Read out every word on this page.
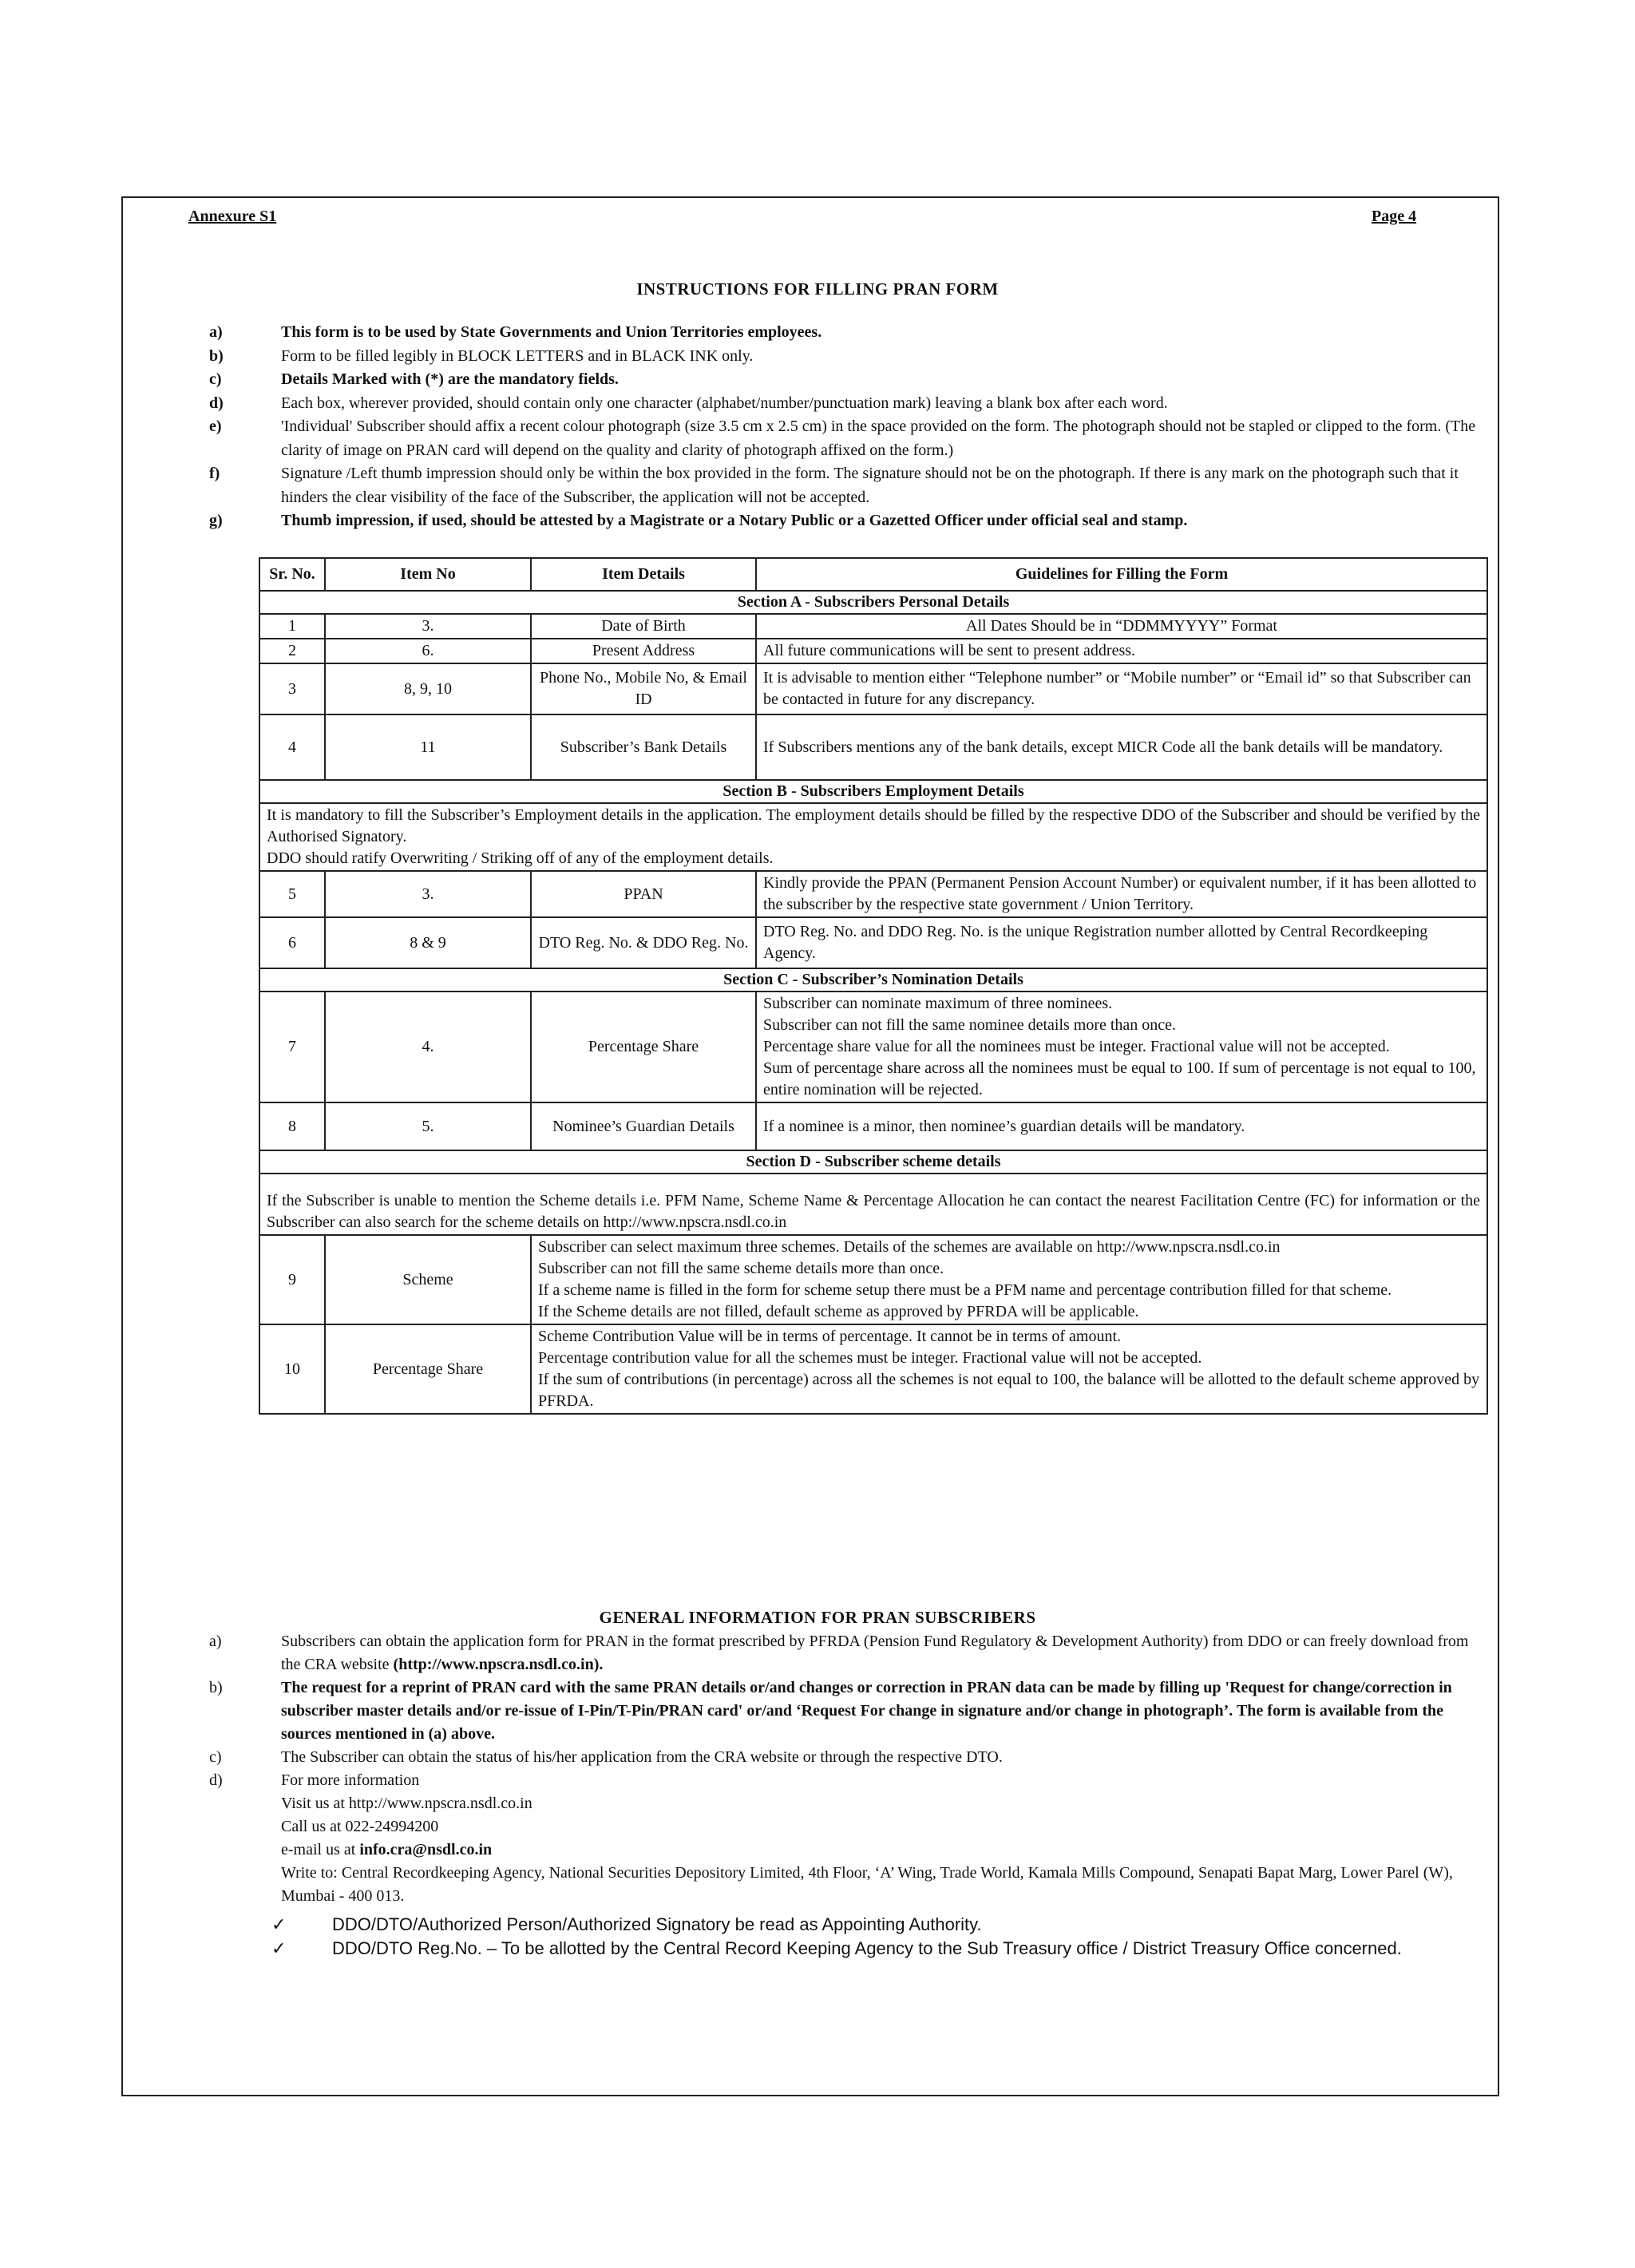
Annexure S1	Page 4
INSTRUCTIONS FOR FILLING PRAN FORM
a)	This form is to be used by State Governments and Union Territories employees.
b)	Form to be filled legibly in BLOCK LETTERS and in BLACK INK only.
c)	Details Marked with (*) are the mandatory fields.
d)	Each box, wherever provided, should contain only one character (alphabet/number/punctuation mark) leaving a blank box after each word.
e)	'Individual' Subscriber should affix a recent colour photograph (size 3.5 cm x 2.5 cm) in the space provided on the form. The photograph should not be stapled or clipped to the form. (The clarity of image on PRAN card will depend on the quality and clarity of photograph affixed on the form.)
f)	Signature /Left thumb impression should only be within the box provided in the form. The signature should not be on the photograph. If there is any mark on the photograph such that it hinders the clear visibility of the face of the Subscriber, the application will not be accepted.
g)	Thumb impression, if used, should be attested by a Magistrate or a Notary Public or a Gazetted Officer under official seal and stamp.
Sr. No.	Item No	Item Details	Guidelines for Filling the Form
Section A - Subscribers Personal Details			
1	3.	Date of Birth	All Dates Should be in “DDMMYYYY” Format
2	6.	Present Address	All future communications will be sent to present address.
3	8, 9, 10	Phone No., Mobile No, & Email ID	It is advisable to mention either “Telephone number” or “Mobile number” or “Email id” so that Subscriber can be contacted in future for any discrepancy.
4	11	Subscriber’s Bank Details	If Subscribers mentions any of the bank details, except MICR Code all the bank details will be mandatory.
Section B - Subscribers Employment Details			
It is mandatory to fill the Subscriber’s Employment details in the application. The employment details should be filled by the respective DDO of the Subscriber and should be verified by the Authorised Signatory.
DDO should ratify Overwriting / Striking off of any of the employment details.			
5	3.	PPAN	Kindly provide the PPAN (Permanent Pension Account Number) or equivalent number, if it has been allotted to the subscriber by the respective state government / Union Territory.
6	8 & 9	DTO Reg. No. & DDO Reg. No.	DTO Reg. No. and DDO Reg. No. is the unique Registration number allotted by Central Recordkeeping Agency.
Section C - Subscriber’s Nomination Details			
7	4.	Percentage Share	Subscriber can nominate maximum of three nominees.
Subscriber can not fill the same nominee details more than once.
Percentage share value for all the nominees must be integer. Fractional value will not be accepted.
Sum of percentage share across all the nominees must be equal to 100. If sum of percentage is not equal to 100, entire nomination will be rejected.

8	5.	Nominee’s Guardian Details	If a nominee is a minor, then nominee’s guardian details will be mandatory.
Section D - Subscriber scheme details			
If the Subscriber is unable to mention the Scheme details i.e. PFM Name, Scheme Name & Percentage Allocation he can contact the nearest Facilitation Centre (FC) for information or the Subscriber can also search for the scheme details on http://www.npscra.nsdl.co.in			
9	Scheme	Subscriber can select maximum three schemes. Details of the schemes are available on http://www.npscra.nsdl.co.in
Subscriber can not fill the same scheme details more than once.
If a scheme name is filled in the form for scheme setup there must be a PFM name and percentage contribution filled for that scheme.
If the Scheme details are not filled, default scheme as approved by PFRDA will be applicable.	

10	Percentage Share	Scheme Contribution Value will be in terms of percentage. It cannot be in terms of amount.
Percentage contribution value for all the schemes must be integer. Fractional value will not be accepted.
If the sum of contributions (in percentage) across all the schemes is not equal to 100, the balance will be allotted to the default scheme approved by PFRDA.	
GENERAL INFORMATION FOR PRAN SUBSCRIBERS
a)	Subscribers can obtain the application form for PRAN in the format prescribed by PFRDA (Pension Fund Regulatory & Development Authority) from DDO or can freely download from the CRA website (http://www.npscra.nsdl.co.in).
b)	The request for a reprint of PRAN card with the same PRAN details or/and changes or correction in PRAN data can be made by filling up 'Request for change/correction in subscriber master details and/or re-issue of I-Pin/T-Pin/PRAN card' or/and ‘Request For change in signature and/or change in photograph’. The form is available from the sources mentioned in (a) above.
c)	The Subscriber can obtain the status of his/her application from the CRA website or through the respective DTO.
d)	For more information
Visit us at http://www.npscra.nsdl.co.in
Call us at 022-24994200
e-mail us at info.cra@nsdl.co.in
Write to: Central Recordkeeping Agency, National Securities Depository Limited, 4th Floor, ‘A’ Wing, Trade World, Kamala Mills Compound, Senapati Bapat Marg, Lower Parel (W), Mumbai - 400 013.
✓	DDO/DTO/Authorized Person/Authorized Signatory be read as Appointing Authority.
✓	DDO/DTO Reg.No. – To be allotted by the Central Record Keeping Agency to the Sub Treasury office / District Treasury Office concerned.
